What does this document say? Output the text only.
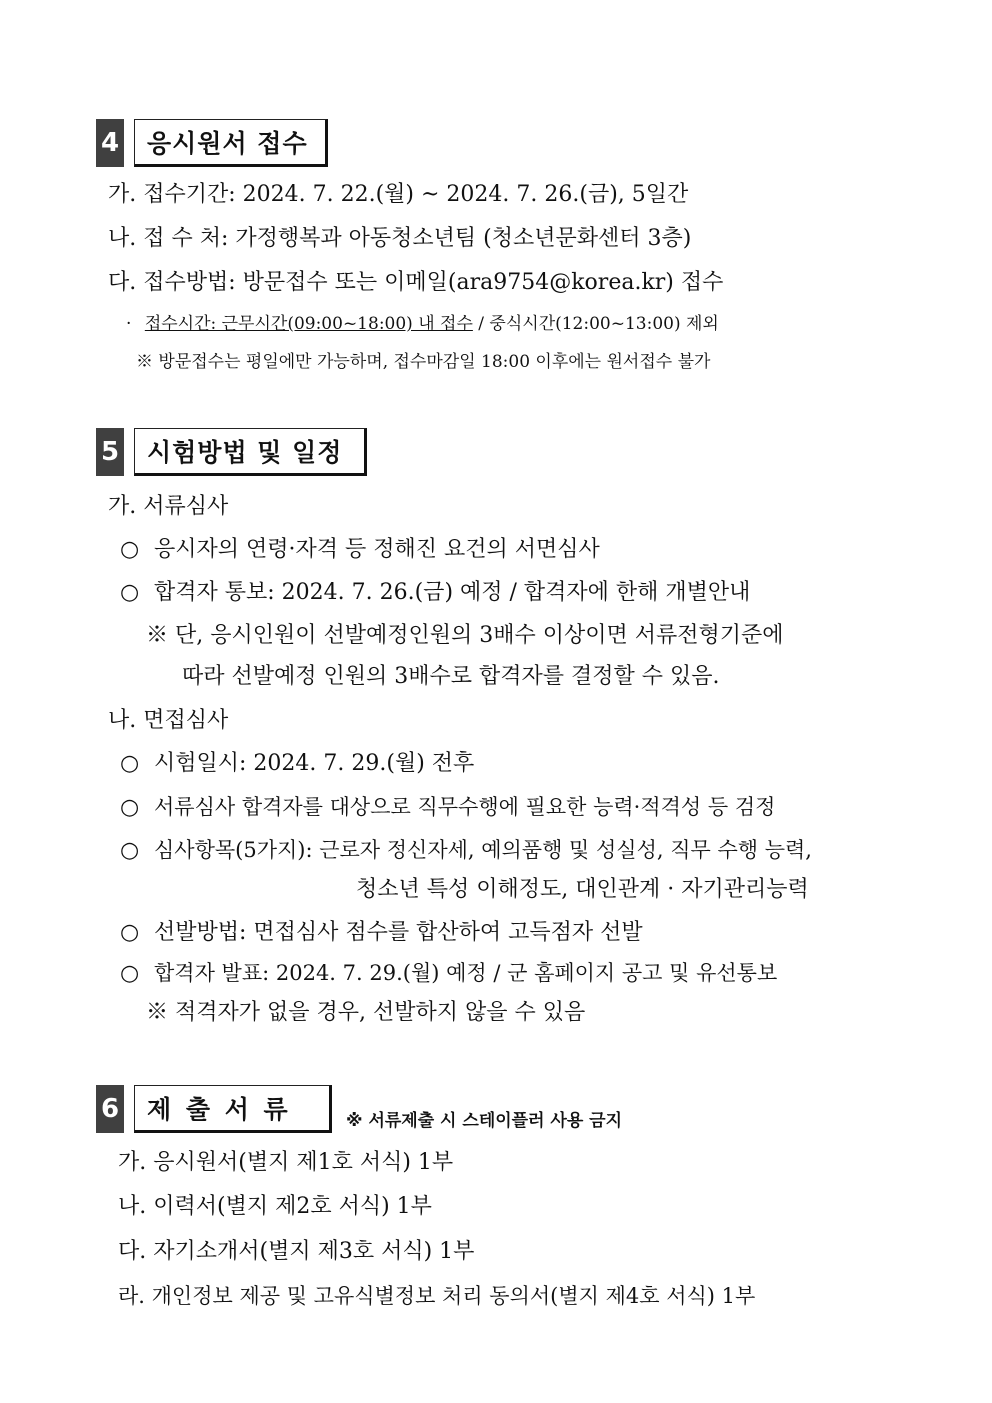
4	응시원서 접수
가. 접수기간: 2024. 7. 22.(월) ~ 2024. 7. 26.(금), 5일간
나. 접 수 처: 가정행복과 아동청소년팀 (청소년문화센터 3층)
다. 접수방법: 방문접수 또는 이메일(ara9754@korea.kr) 접수
· 접수시간: 근무시간(09:00~18:00) 내 접수 / 중식시간(12:00~13:00) 제외
※ 방문접수는 평일에만 가능하며, 접수마감일 18:00 이후에는 원서접수 불가
5	시험방법 및 일정
가. 서류심사
○ 응시자의 연령·자격 등 정해진 요건의 서면심사
○ 합격자 통보: 2024. 7. 26.(금) 예정 / 합격자에 한해 개별안내
※ 단, 응시인원이 선발예정인원의 3배수 이상이면 서류전형기준에
따라 선발예정 인원의 3배수로 합격자를 결정할 수 있음.
나. 면접심사
○ 시험일시: 2024. 7. 29.(월) 전후
○ 서류심사 합격자를 대상으로 직무수행에 필요한 능력·적격성 등 검정
○ 심사항목(5가지): 근로자 정신자세, 예의품행 및 성실성, 직무 수행 능력,
청소년 특성 이해정도, 대인관계 · 자기관리능력
○ 선발방법: 면접심사 점수를 합산하여 고득점자 선발
○ 합격자 발표: 2024. 7. 29.(월) 예정 / 군 홈페이지 공고 및 유선통보
※ 적격자가 없을 경우, 선발하지 않을 수 있음
6	제 출 서 류	※ 서류제출 시 스테이플러 사용 금지
가. 응시원서(별지 제1호 서식) 1부
나. 이력서(별지 제2호 서식) 1부
다. 자기소개서(별지 제3호 서식) 1부
라. 개인정보 제공 및 고유식별정보 처리 동의서(별지 제4호 서식) 1부
